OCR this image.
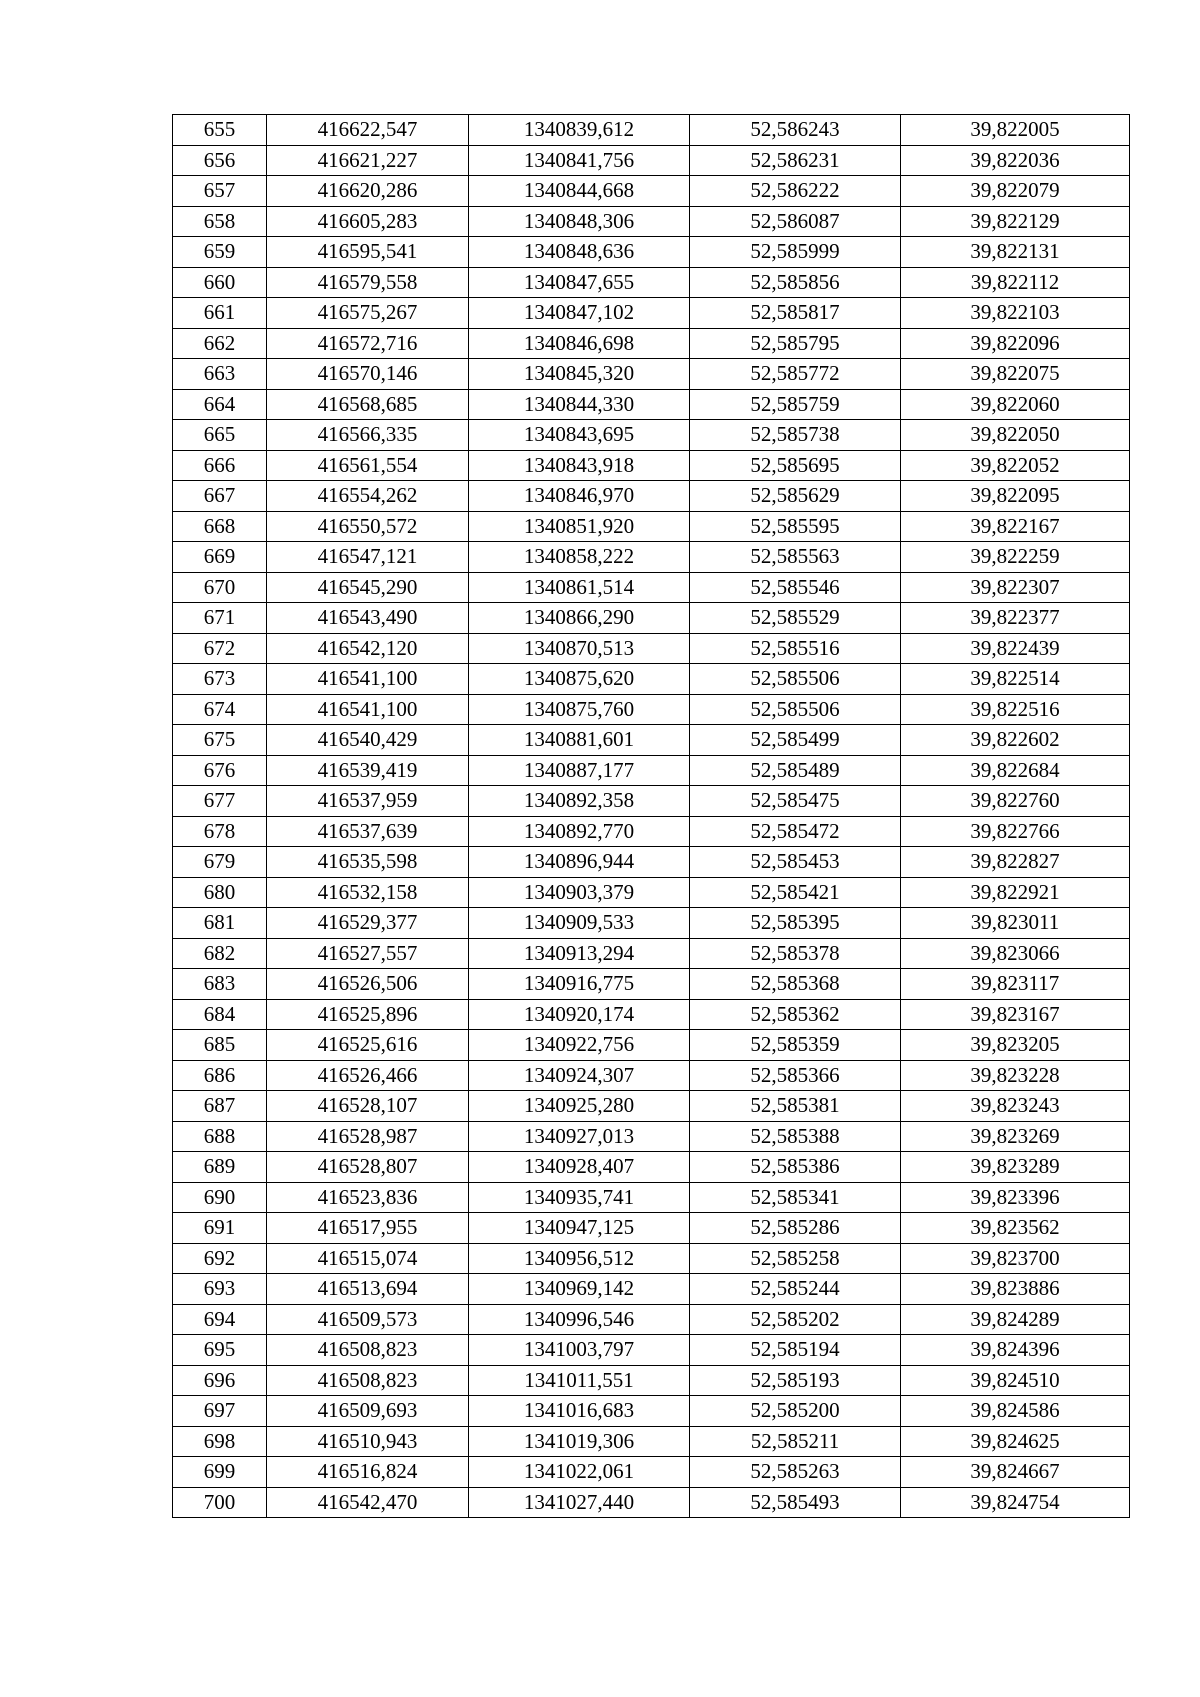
655	416622,547	1340839,612	52,586243	39,822005
656	416621,227	1340841,756	52,586231	39,822036
657	416620,286	1340844,668	52,586222	39,822079
658	416605,283	1340848,306	52,586087	39,822129
659	416595,541	1340848,636	52,585999	39,822131
660	416579,558	1340847,655	52,585856	39,822112
661	416575,267	1340847,102	52,585817	39,822103
662	416572,716	1340846,698	52,585795	39,822096
663	416570,146	1340845,320	52,585772	39,822075
664	416568,685	1340844,330	52,585759	39,822060
665	416566,335	1340843,695	52,585738	39,822050
666	416561,554	1340843,918	52,585695	39,822052
667	416554,262	1340846,970	52,585629	39,822095
668	416550,572	1340851,920	52,585595	39,822167
669	416547,121	1340858,222	52,585563	39,822259
670	416545,290	1340861,514	52,585546	39,822307
671	416543,490	1340866,290	52,585529	39,822377
672	416542,120	1340870,513	52,585516	39,822439
673	416541,100	1340875,620	52,585506	39,822514
674	416541,100	1340875,760	52,585506	39,822516
675	416540,429	1340881,601	52,585499	39,822602
676	416539,419	1340887,177	52,585489	39,822684
677	416537,959	1340892,358	52,585475	39,822760
678	416537,639	1340892,770	52,585472	39,822766
679	416535,598	1340896,944	52,585453	39,822827
680	416532,158	1340903,379	52,585421	39,822921
681	416529,377	1340909,533	52,585395	39,823011
682	416527,557	1340913,294	52,585378	39,823066
683	416526,506	1340916,775	52,585368	39,823117
684	416525,896	1340920,174	52,585362	39,823167
685	416525,616	1340922,756	52,585359	39,823205
686	416526,466	1340924,307	52,585366	39,823228
687	416528,107	1340925,280	52,585381	39,823243
688	416528,987	1340927,013	52,585388	39,823269
689	416528,807	1340928,407	52,585386	39,823289
690	416523,836	1340935,741	52,585341	39,823396
691	416517,955	1340947,125	52,585286	39,823562
692	416515,074	1340956,512	52,585258	39,823700
693	416513,694	1340969,142	52,585244	39,823886
694	416509,573	1340996,546	52,585202	39,824289
695	416508,823	1341003,797	52,585194	39,824396
696	416508,823	1341011,551	52,585193	39,824510
697	416509,693	1341016,683	52,585200	39,824586
698	416510,943	1341019,306	52,585211	39,824625
699	416516,824	1341022,061	52,585263	39,824667
700	416542,470	1341027,440	52,585493	39,824754
